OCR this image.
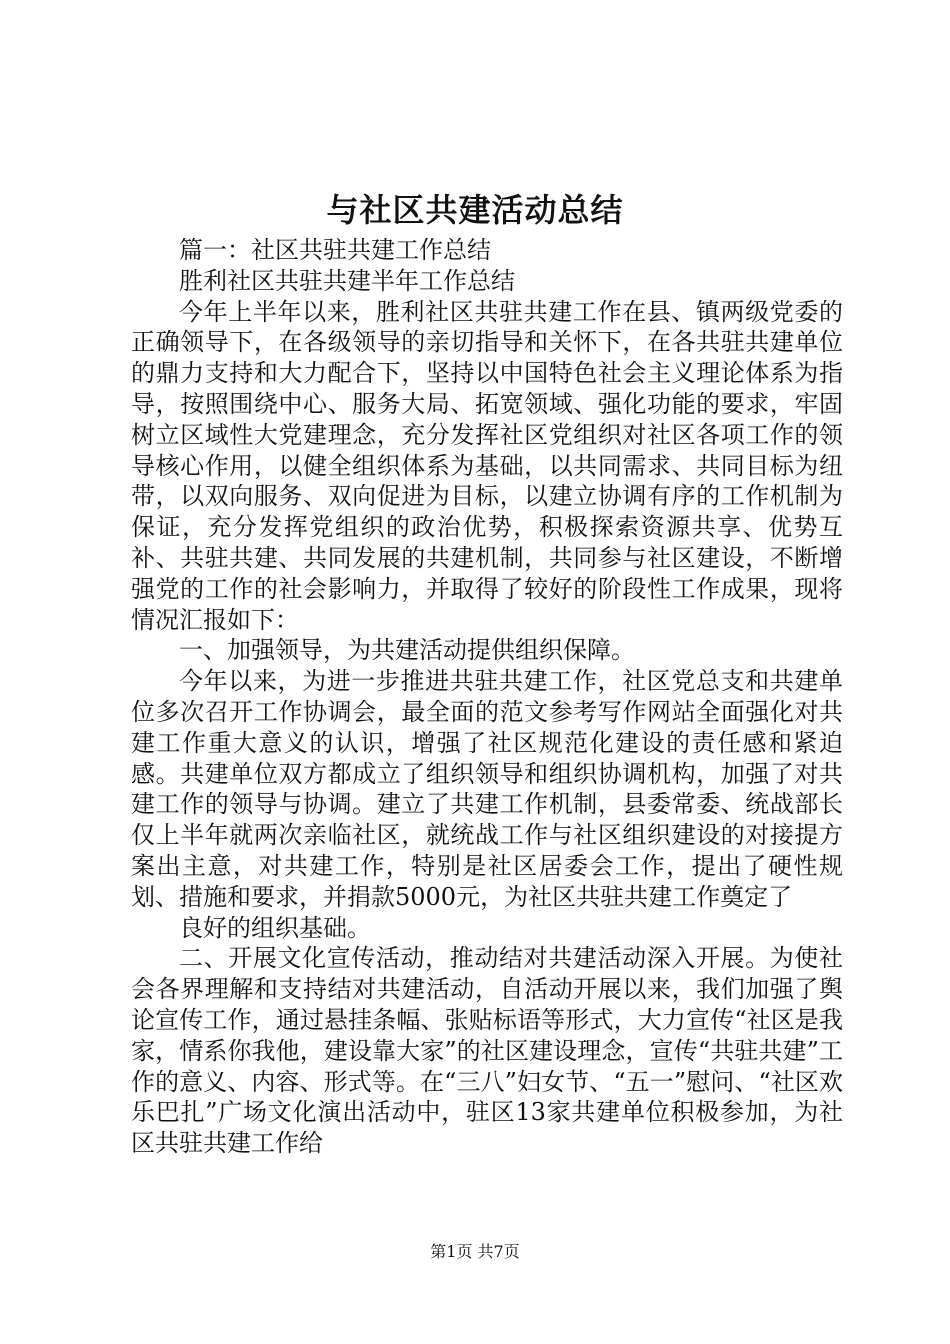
与社区共建活动总结

篇一：社区共驻共建工作总结

胜利社区共驻共建半年工作总结

今年上半年以来，胜利社区共驻共建工作在县、镇两级党委的正确领导下，在各级领导的亲切指导和关怀下，在各共驻共建单位的鼎力支持和大力配合下，坚持以中国特色社会主义理论体系为指导，按照围绕中心、服务大局、拓宽领域、强化功能的要求，牢固树立区域性大党建理念，充分发挥社区党组织对社区各项工作的领导核心作用，以健全组织体系为基础，以共同需求、共同目标为纽带，以双向服务、双向促进为目标，以建立协调有序的工作机制为保证，充分发挥党组织的政治优势，积极探索资源共享、优势互补、共驻共建、共同发展的共建机制，共同参与社区建设，不断增强党的工作的社会影响力，并取得了较好的阶段性工作成果，现将情况汇报如下：

一、加强领导，为共建活动提供组织保障。

今年以来，为进一步推进共驻共建工作，社区党总支和共建单位多次召开工作协调会，最全面的范文参考写作网站全面强化对共建工作重大意义的认识，增强了社区规范化建设的责任感和紧迫感。共建单位双方都成立了组织领导和组织协调机构，加强了对共建工作的领导与协调。建立了共建工作机制，县委常委、统战部长仅上半年就两次亲临社区，就统战工作与社区组织建设的对接提方案出主意，对共建工作，特别是社区居委会工作，提出了硬性规划、措施和要求，并捐款5000元，为社区共驻共建工作奠定了

良好的组织基础。

二、开展文化宣传活动，推动结对共建活动深入开展。为使社会各界理解和支持结对共建活动，自活动开展以来，我们加强了舆论宣传工作，通过悬挂条幅、张贴标语等形式，大力宣传“社区是我家，情系你我他，建设靠大家”的社区建设理念，宣传“共驻共建”工作的意义、内容、形式等。在“三八”妇女节、“五一”慰问、“社区欢乐巴扎”广场文化演出活动中，驻区13家共建单位积极参加，为社区共驻共建工作给

第1页 共7页
